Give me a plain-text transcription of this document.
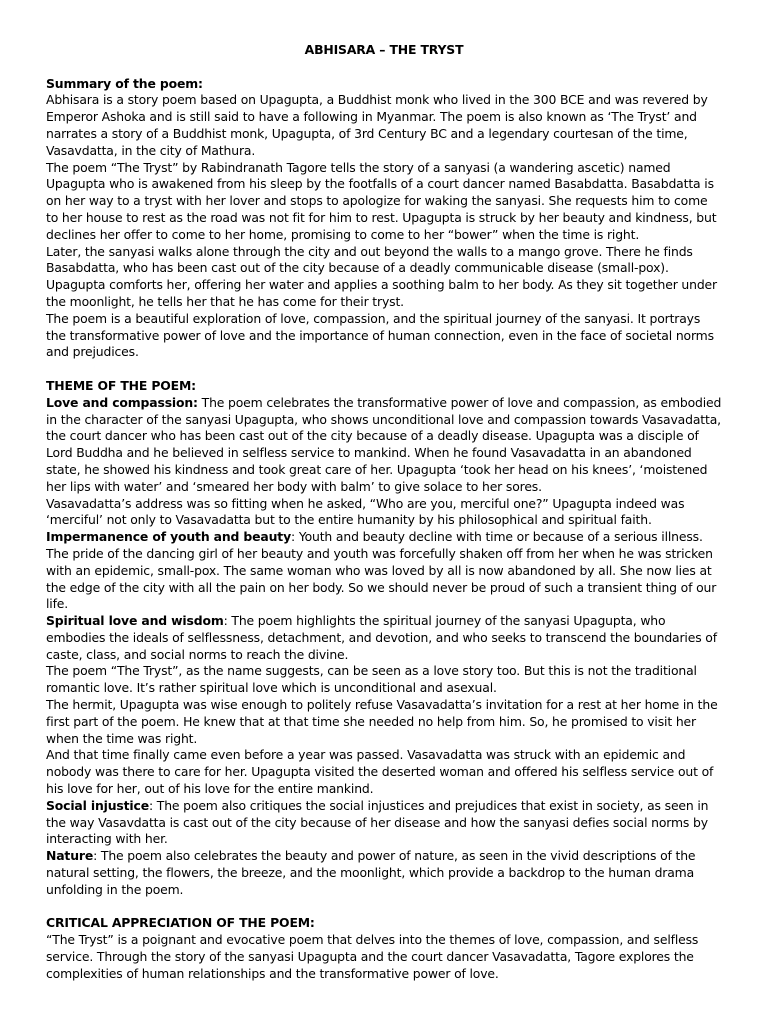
ABHISARA – THE TRYST

Summary of the poem:

Abhisara is a story poem based on Upagupta, a Buddhist monk who lived in the 300 BCE and was revered by Emperor Ashoka and is still said to have a following in Myanmar. The poem is also known as ‘The Tryst’ and narrates a story of a Buddhist monk, Upagupta, of 3rd Century BC and a legendary courtesan of the time, Vasavdatta, in the city of Mathura.

The poem “The Tryst” by Rabindranath Tagore tells the story of a sanyasi (a wandering ascetic) named Upagupta who is awakened from his sleep by the footfalls of a court dancer named Basabdatta. Basabdatta is on her way to a tryst with her lover and stops to apologize for waking the sanyasi. She requests him to come to her house to rest as the road was not fit for him to rest. Upagupta is struck by her beauty and kindness, but declines her offer to come to her home, promising to come to her “bower” when the time is right.

Later, the sanyasi walks alone through the city and out beyond the walls to a mango grove. There he finds Basabdatta, who has been cast out of the city because of a deadly communicable disease (small-pox). Upagupta comforts her, offering her water and applies a soothing balm to her body. As they sit together under the moonlight, he tells her that he has come for their tryst.

The poem is a beautiful exploration of love, compassion, and the spiritual journey of the sanyasi. It portrays the transformative power of love and the importance of human connection, even in the face of societal norms and prejudices.

THEME OF THE POEM:

Love and compassion: The poem celebrates the transformative power of love and compassion, as embodied in the character of the sanyasi Upagupta, who shows unconditional love and compassion towards Vasavadatta, the court dancer who has been cast out of the city because of a deadly disease. Upagupta was a disciple of Lord Buddha and he believed in selfless service to mankind. When he found Vasavadatta in an abandoned state, he showed his kindness and took great care of her. Upagupta ‘took her head on his knees’, ‘moistened her lips with water’ and ‘smeared her body with balm’ to give solace to her sores.

Vasavadatta’s address was so fitting when he asked, “Who are you, merciful one?” Upagupta indeed was ‘merciful’ not only to Vasavadatta but to the entire humanity by his philosophical and spiritual faith.

Impermanence of youth and beauty: Youth and beauty decline with time or because of a serious illness. The pride of the dancing girl of her beauty and youth was forcefully shaken off from her when he was stricken with an epidemic, small-pox. The same woman who was loved by all is now abandoned by all. She now lies at the edge of the city with all the pain on her body. So we should never be proud of such a transient thing of our life.

Spiritual love and wisdom: The poem highlights the spiritual journey of the sanyasi Upagupta, who embodies the ideals of selflessness, detachment, and devotion, and who seeks to transcend the boundaries of caste, class, and social norms to reach the divine.

The poem “The Tryst”, as the name suggests, can be seen as a love story too. But this is not the traditional romantic love. It’s rather spiritual love which is unconditional and asexual.

The hermit, Upagupta was wise enough to politely refuse Vasavadatta’s invitation for a rest at her home in the first part of the poem. He knew that at that time she needed no help from him. So, he promised to visit her when the time was right.

And that time finally came even before a year was passed. Vasavadatta was struck with an epidemic and nobody was there to care for her. Upagupta visited the deserted woman and offered his selfless service out of his love for her, out of his love for the entire mankind.

Social injustice: The poem also critiques the social injustices and prejudices that exist in society, as seen in the way Vasavdatta is cast out of the city because of her disease and how the sanyasi defies social norms by interacting with her.

Nature: The poem also celebrates the beauty and power of nature, as seen in the vivid descriptions of the natural setting, the flowers, the breeze, and the moonlight, which provide a backdrop to the human drama unfolding in the poem.

CRITICAL APPRECIATION OF THE POEM:

“The Tryst” is a poignant and evocative poem that delves into the themes of love, compassion, and selfless service. Through the story of the sanyasi Upagupta and the court dancer Vasavadatta, Tagore explores the complexities of human relationships and the transformative power of love.
